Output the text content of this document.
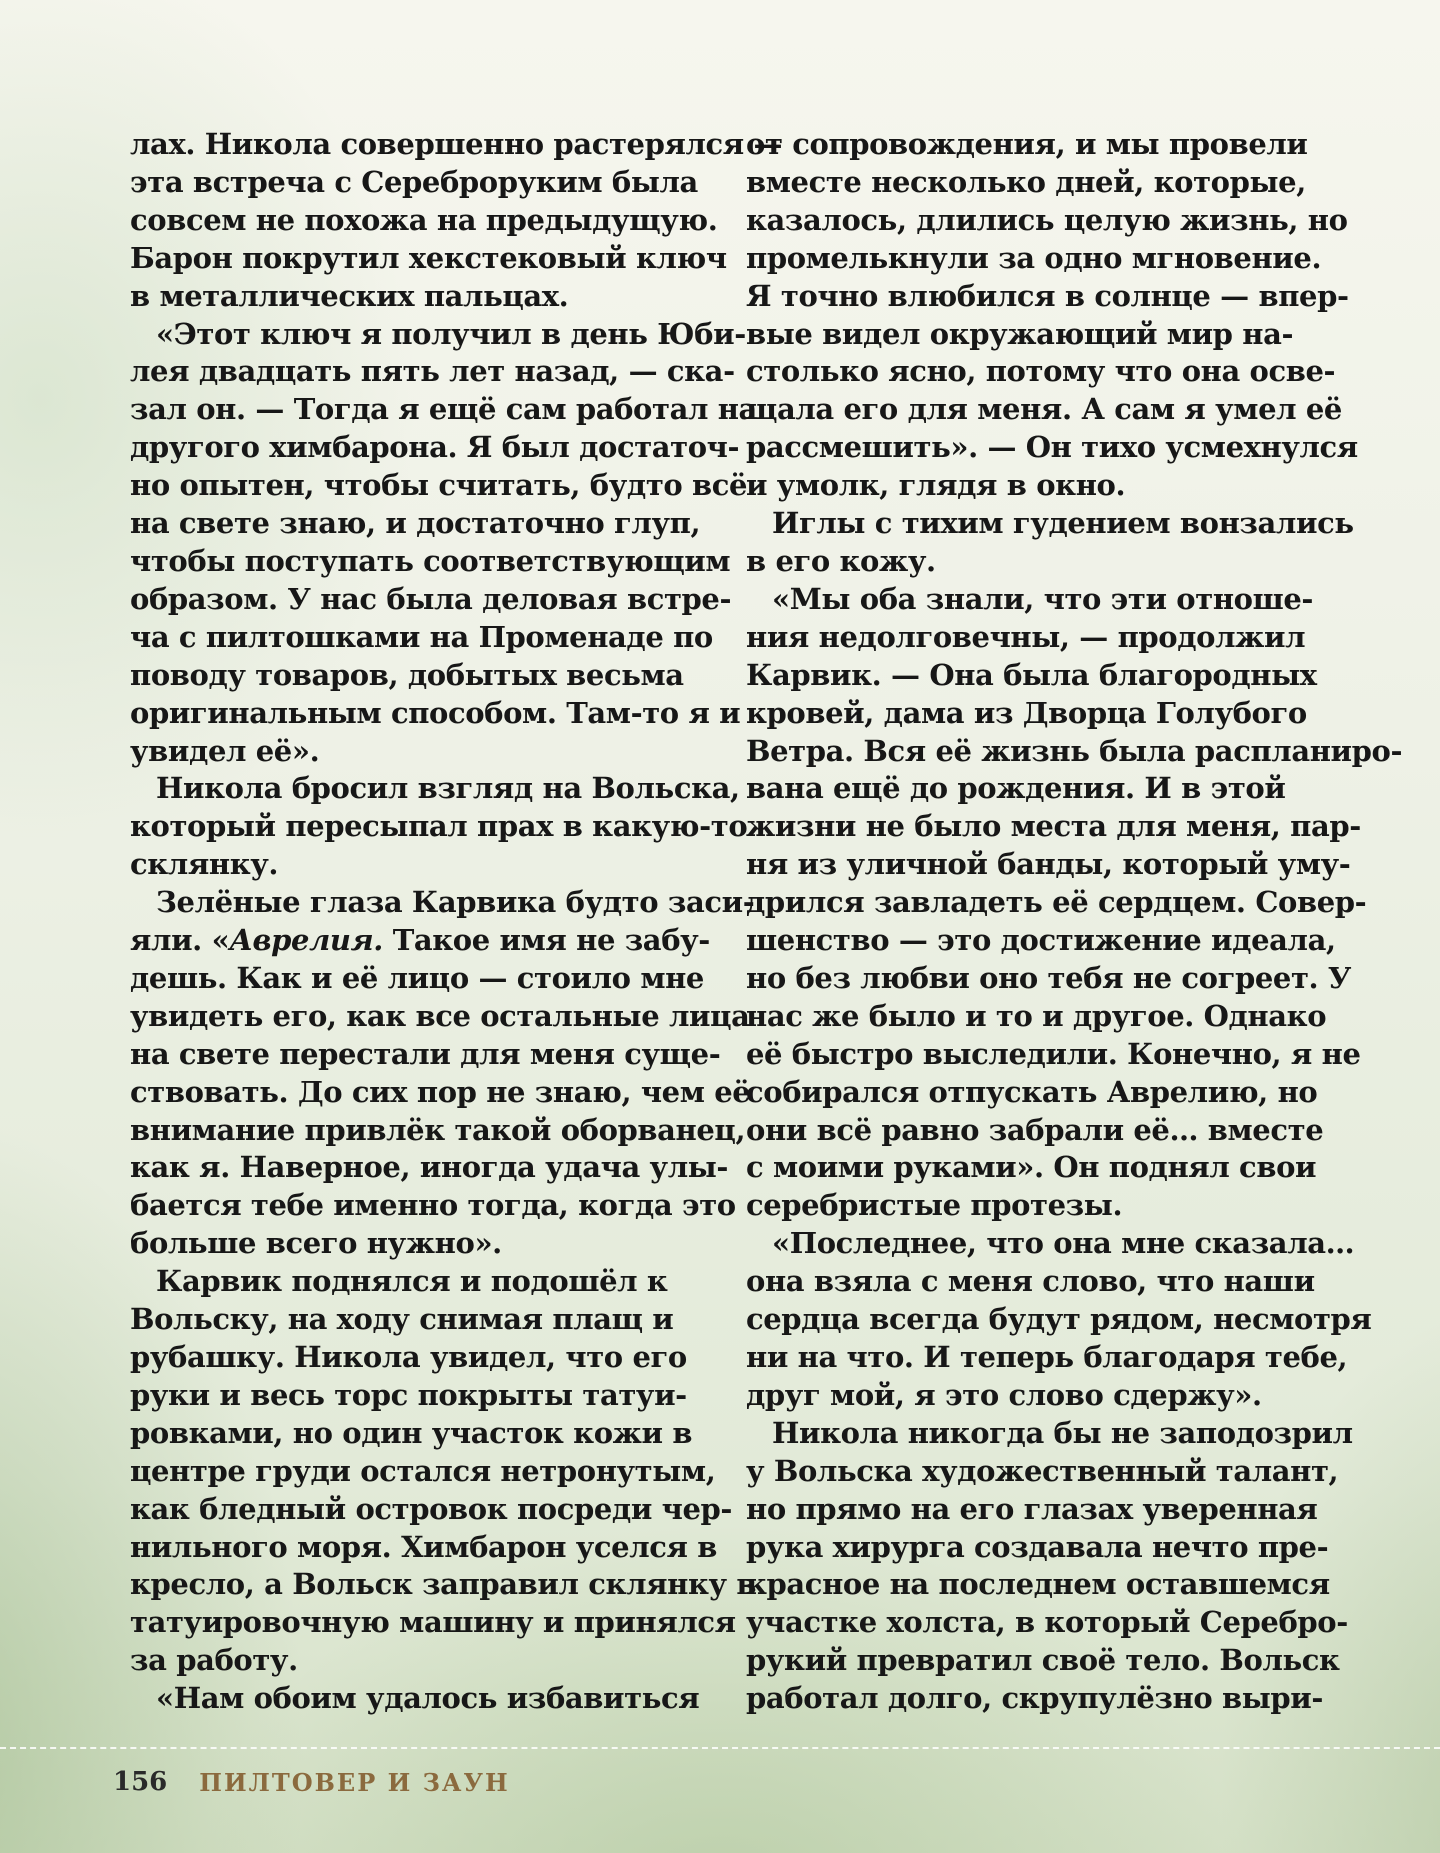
лах. Никола совершенно растерялся —
эта встреча с Сереброруким была
совсем не похожа на предыдущую.
Барон покрутил хекстековый ключ
в металлических пальцах.
«Этот ключ я получил в день Юби-
лея двадцать пять лет назад, — ска-
зал он. — Тогда я ещё сам работал на
другого химбарона. Я был достаточ-
но опытен, чтобы считать, будто всё
на свете знаю, и достаточно глуп,
чтобы поступать соответствующим
образом. У нас была деловая встре-
ча с пилтошками на Променаде по
поводу товаров, добытых весьма
оригинальным способом. Там-то я и
увидел её».
Никола бросил взгляд на Вольска,
который пересыпал прах в какую-то
склянку.
Зелёные глаза Карвика будто заси-
яли. «Аврелия. Такое имя не забу-
дешь. Как и её лицо — стоило мне
увидеть его, как все остальные лица
на свете перестали для меня суще-
ствовать. До сих пор не знаю, чем её
внимание привлёк такой оборванец,
как я. Наверное, иногда удача улы-
бается тебе именно тогда, когда это
больше всего нужно».
Карвик поднялся и подошёл к
Вольску, на ходу снимая плащ и
рубашку. Никола увидел, что его
руки и весь торс покрыты татуи-
ровками, но один участок кожи в
центре груди остался нетронутым,
как бледный островок посреди чер-
нильного моря. Химбарон уселся в
кресло, а Вольск заправил склянку в
татуировочную машину и принялся
за работу.
«Нам обоим удалось избавиться
от сопровождения, и мы провели
вместе несколько дней, которые,
казалось, длились целую жизнь, но
промелькнули за одно мгновение.
Я точно влюбился в солнце — впер-
вые видел окружающий мир на-
столько ясно, потому что она осве-
щала его для меня. А сам я умел её
рассмешить». — Он тихо усмехнулся
и умолк, глядя в окно.
Иглы с тихим гудением вонзались
в его кожу.
«Мы оба знали, что эти отноше-
ния недолговечны, — продолжил
Карвик. — Она была благородных
кровей, дама из Дворца Голубого
Ветра. Вся её жизнь была распланиро-
вана ещё до рождения. И в этой
жизни не было места для меня, пар-
ня из уличной банды, который уму-
дрился завладеть её сердцем. Совер-
шенство — это достижение идеала,
но без любви оно тебя не согреет. У
нас же было и то и другое. Однако
её быстро выследили. Конечно, я не
собирался отпускать Аврелию, но
они всё равно забрали её… вместе
с моими руками». Он поднял свои
серебристые протезы.
«Последнее, что она мне сказала…
она взяла с меня слово, что наши
сердца всегда будут рядом, несмотря
ни на что. И теперь благодаря тебе,
друг мой, я это слово сдержу».
Никола никогда бы не заподозрил
у Вольска художественный талант,
но прямо на его глазах уверенная
рука хирурга создавала нечто пре-
красное на последнем оставшемся
участке холста, в который Серебро-
рукий превратил своё тело. Вольск
работал долго, скрупулёзно выри-
156 ПИЛТОВЕР И ЗАУН
